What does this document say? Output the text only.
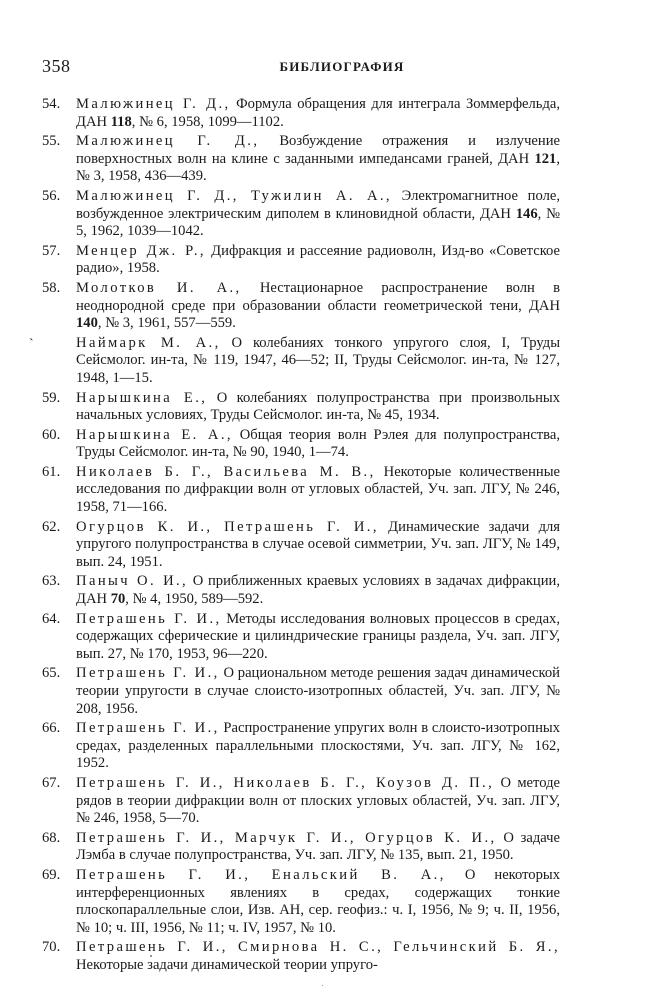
358	БИБЛИОГРАФИЯ
54. Малюжинец Г. Д., Формула обращения для интеграла Зоммерфельда, ДАН 118, № 6, 1958, 1099—1102.
55. Малюжинец Г. Д., Возбуждение отражения и излучение поверхностных волн на клине с заданными импедансами граней, ДАН 121, № 3, 1958, 436—439.
56. Малюжинец Г. Д., Тужилин А. А., Электромагнитное поле, возбужденное электрическим диполем в клиновидной области, ДАН 146, № 5, 1962, 1039—1042.
57. Менцер Дж. Р., Дифракция и рассеяние радиоволн, Изд-во «Советское радио», 1958.
58. Молотков И. А., Нестационарное распространение волн в неоднородной среде при образовании области геометрической тени, ДАН 140, № 3, 1961, 557—559.
`	Наймарк М. А., О колебаниях тонкого упругого слоя, I, Труды Сейсмолог. ин-та, № 119, 1947, 46—52; II, Труды Сейсмолог. ин-та, № 127, 1948, 1—15.
59. Нарышкина Е., О колебаниях полупространства при произвольных начальных условиях, Труды Сейсмолог. ин-та, № 45, 1934.
60. Нарышкина Е. А., Общая теория волн Рэлея для полупространства, Труды Сейсмолог. ин-та, № 90, 1940, 1—74.
61. Николаев Б. Г., Васильева М. В., Некоторые количественные исследования по дифракции волн от угловых областей, Уч. зап. ЛГУ, № 246, 1958, 71—166.
62. Огурцов К. И., Петрашень Г. И., Динамические задачи для упругого полупространства в случае осевой симметрии, Уч. зап. ЛГУ, № 149, вып. 24, 1951.
63. Паныч О. И., О приближенных краевых условиях в задачах дифракции, ДАН 70, № 4, 1950, 589—592.
64. Петрашень Г. И., Методы исследования волновых процессов в средах, содержащих сферические и цилиндрические границы раздела, Уч. зап. ЛГУ, вып. 27, № 170, 1953, 96—220.
65. Петрашень Г. И., О рациональном методе решения задач динамической теории упругости в случае слоисто-изотропных областей, Уч. зап. ЛГУ, № 208, 1956.
66. Петрашень Г. И., Распространение упругих волн в слоисто-изотропных средах, разделенных параллельными плоскостями, Уч. зап. ЛГУ, № 162, 1952.
67. Петрашень Г. И., Николаев Б. Г., Коузов Д. П., О методе рядов в теории дифракции волн от плоских угловых областей, Уч. зап. ЛГУ, № 246, 1958, 5—70.
68. Петрашень Г. И., Марчук Г. И., Огурцов К. И., О задаче Лэмба в случае полупространства, Уч. зап. ЛГУ, № 135, вып. 21, 1950.
69. Петрашень Г. И., Енальский В. А., О некоторых интерференционных явлениях в средах, содержащих тонкие плоскопараллельные слои, Изв. АН, сер. геофиз.: ч. I, 1956, № 9; ч. II, 1956, № 10; ч. III, 1956, № 11; ч. IV, 1957, № 10.
70. Петрашень Г. И., Смирнова Н. С., Гельчинский Б. Я., Некоторые задачи динамической теории упруго-
